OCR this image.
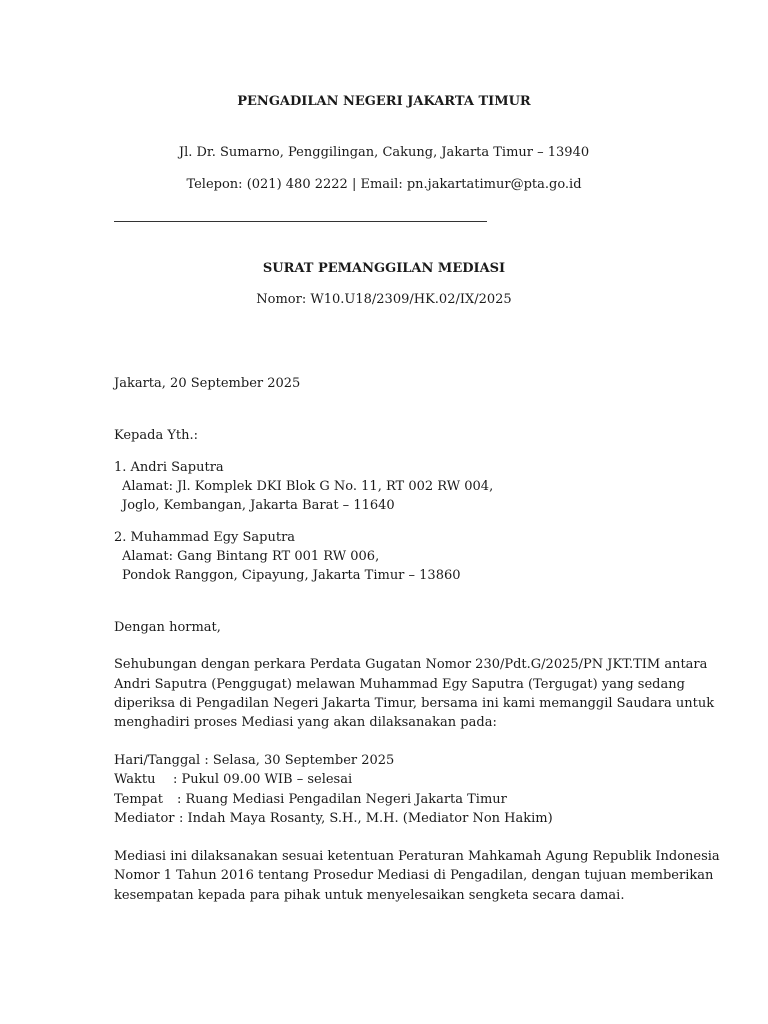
PENGADILAN NEGERI JAKARTA TIMUR
Jl. Dr. Sumarno, Penggilingan, Cakung, Jakarta Timur – 13940
Telepon: (021) 480 2222 | Email: pn.jakartatimur@pta.go.id
SURAT PEMANGGILAN MEDIASI
Nomor: W10.U18/2309/HK.02/IX/2025
Jakarta, 20 September 2025
Kepada Yth.:
1. Andri Saputra
Alamat: Jl. Komplek DKI Blok G No. 11, RT 002 RW 004,
Joglo, Kembangan, Jakarta Barat – 11640
2. Muhammad Egy Saputra
Alamat: Gang Bintang RT 001 RW 006,
Pondok Ranggon, Cipayung, Jakarta Timur – 13860
Dengan hormat,
Sehubungan dengan perkara Perdata Gugatan Nomor 230/Pdt.G/2025/PN JKT.TIM antara
Andri Saputra (Penggugat) melawan Muhammad Egy Saputra (Tergugat) yang sedang
diperiksa di Pengadilan Negeri Jakarta Timur, bersama ini kami memanggil Saudara untuk
menghadiri proses Mediasi yang akan dilaksanakan pada:
Hari/Tanggal : Selasa, 30 September 2025
Waktu : Pukul 09.00 WIB – selesai
Tempat : Ruang Mediasi Pengadilan Negeri Jakarta Timur
Mediator : Indah Maya Rosanty, S.H., M.H. (Mediator Non Hakim)
Mediasi ini dilaksanakan sesuai ketentuan Peraturan Mahkamah Agung Republik Indonesia
Nomor 1 Tahun 2016 tentang Prosedur Mediasi di Pengadilan, dengan tujuan memberikan
kesempatan kepada para pihak untuk menyelesaikan sengketa secara damai.
